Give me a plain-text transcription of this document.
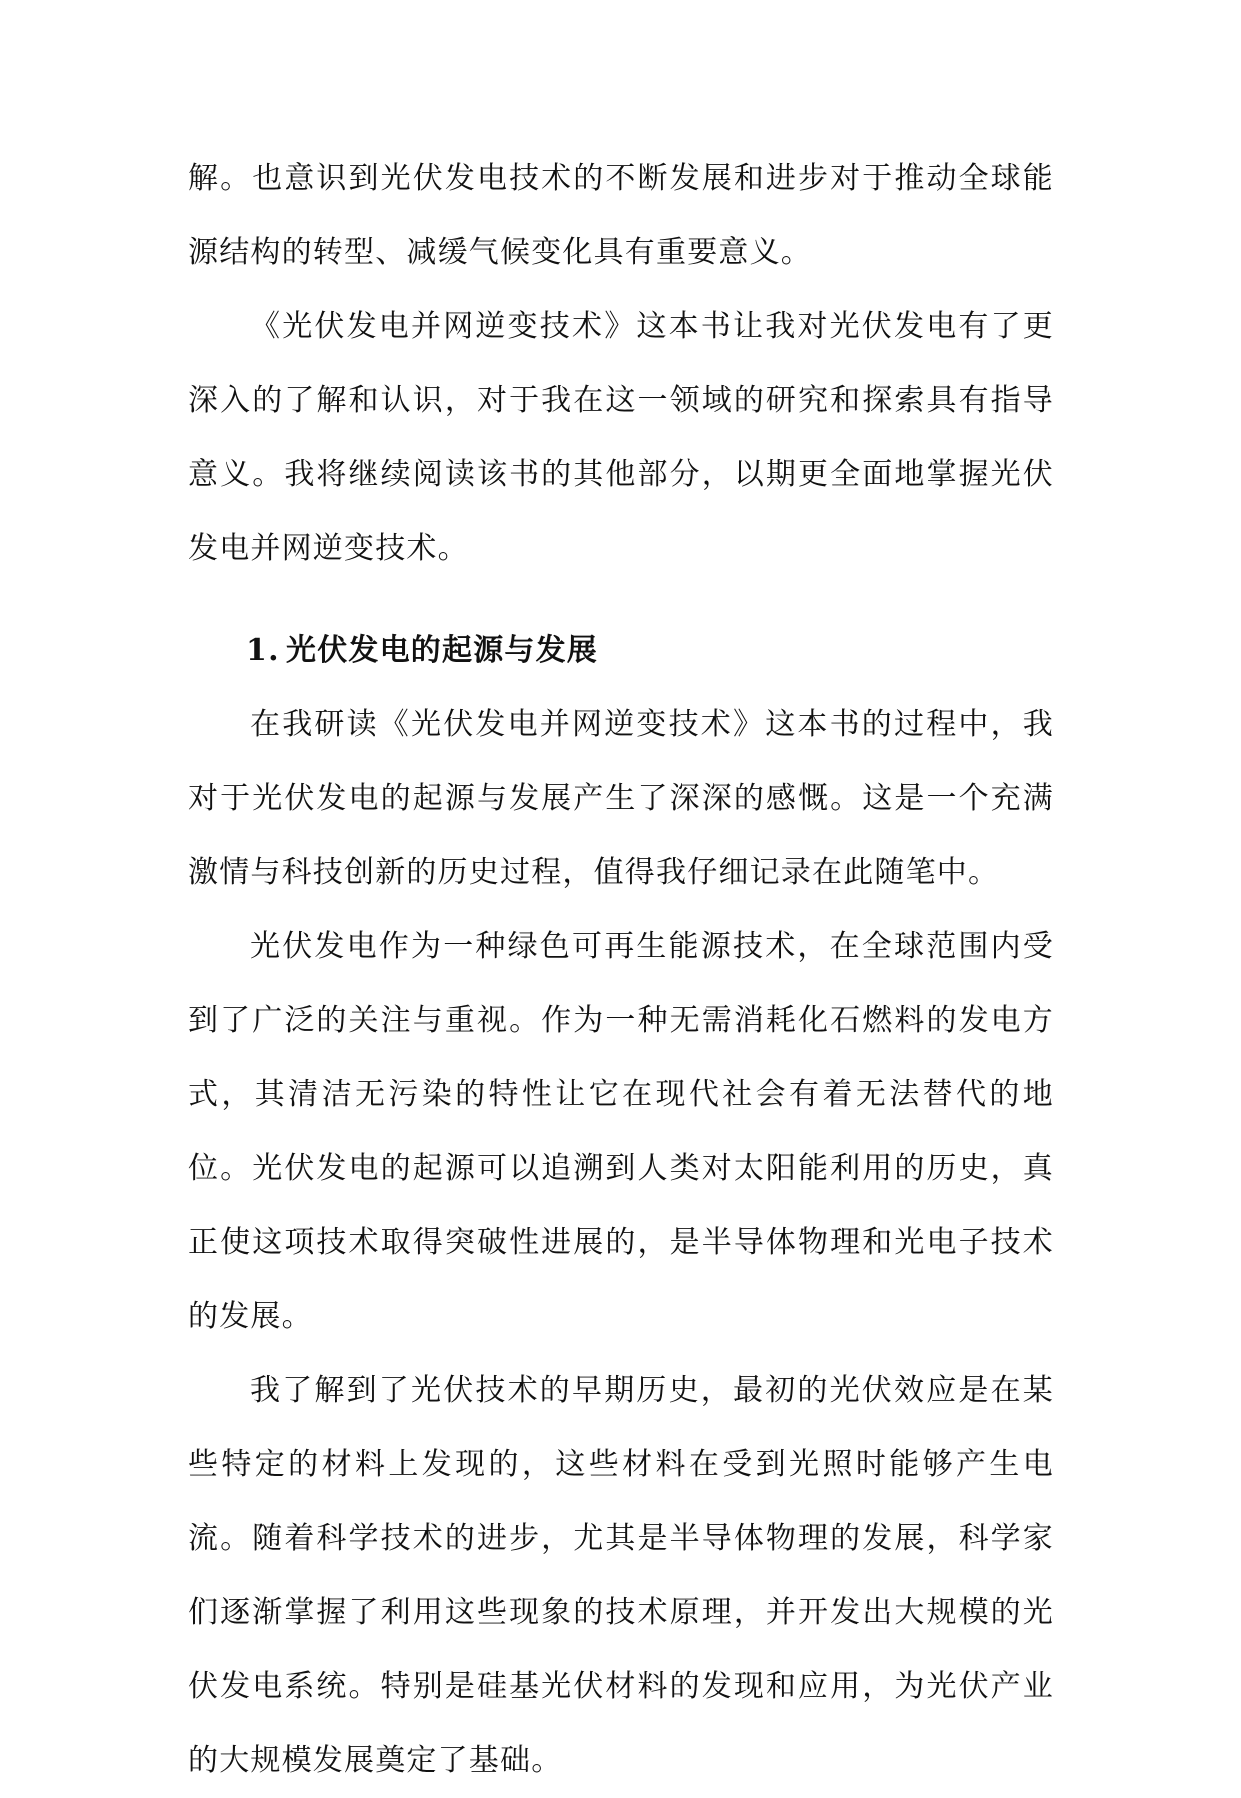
解。也意识到光伏发电技术的不断发展和进步对于推动全球能源结构的转型、减缓气候变化具有重要意义。

《光伏发电并网逆变技术》这本书让我对光伏发电有了更深入的了解和认识，对于我在这一领域的研究和探索具有指导意义。我将继续阅读该书的其他部分，以期更全面地掌握光伏发电并网逆变技术。

1. 光伏发电的起源与发展

在我研读《光伏发电并网逆变技术》这本书的过程中，我对于光伏发电的起源与发展产生了深深的感慨。这是一个充满激情与科技创新的历史过程，值得我仔细记录在此随笔中。

光伏发电作为一种绿色可再生能源技术，在全球范围内受到了广泛的关注与重视。作为一种无需消耗化石燃料的发电方式，其清洁无污染的特性让它在现代社会有着无法替代的地位。光伏发电的起源可以追溯到人类对太阳能利用的历史，真正使这项技术取得突破性进展的，是半导体物理和光电子技术的发展。

我了解到了光伏技术的早期历史，最初的光伏效应是在某些特定的材料上发现的，这些材料在受到光照时能够产生电流。随着科学技术的进步，尤其是半导体物理的发展，科学家们逐渐掌握了利用这些现象的技术原理，并开发出大规模的光伏发电系统。特别是硅基光伏材料的发现和应用，为光伏产业的大规模发展奠定了基础。
